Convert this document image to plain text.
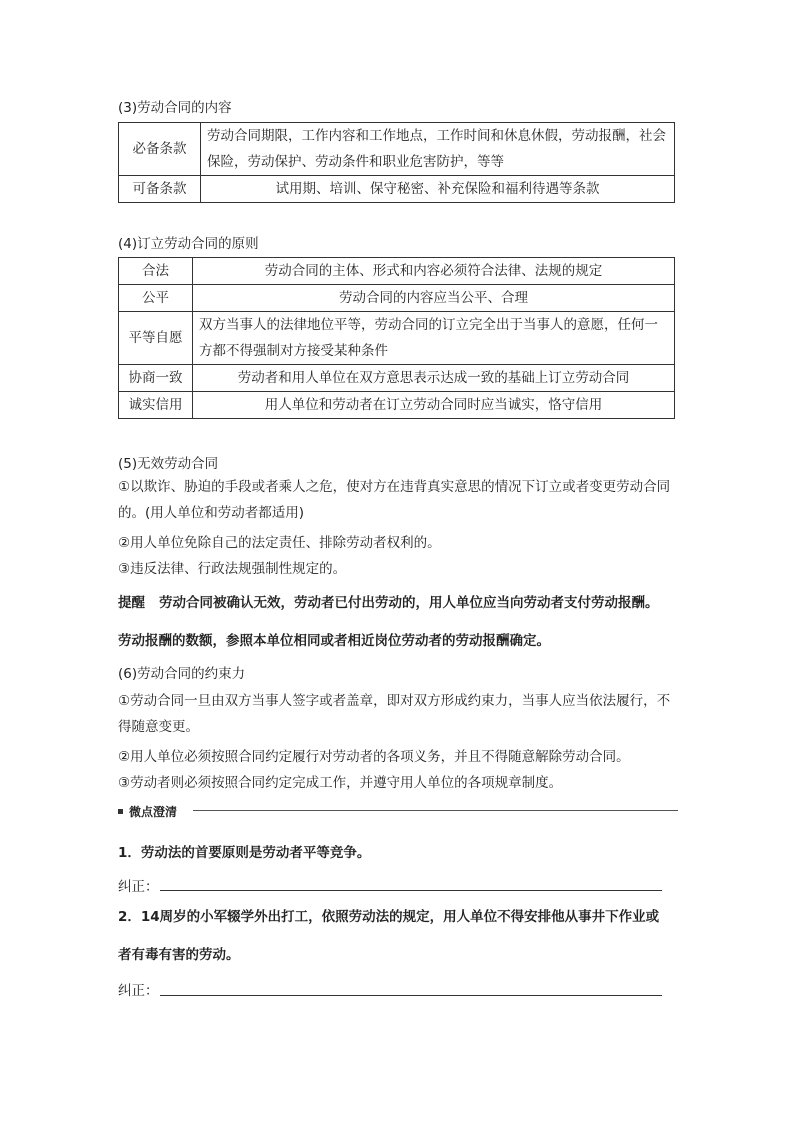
(3)劳动合同的内容
必备条款	劳动合同期限，工作内容和工作地点，工作时间和休息休假，劳动报酬，社会保险，劳动保护、劳动条件和职业危害防护，等等
可备条款	试用期、培训、保守秘密、补充保险和福利待遇等条款
(4)订立劳动合同的原则
合法	劳动合同的主体、形式和内容必须符合法律、法规的规定
公平	劳动合同的内容应当公平、合理
平等自愿	双方当事人的法律地位平等，劳动合同的订立完全出于当事人的意愿，任何一方都不得强制对方接受某种条件
协商一致	劳动者和用人单位在双方意思表示达成一致的基础上订立劳动合同
诚实信用	用人单位和劳动者在订立劳动合同时应当诚实，恪守信用
(5)无效劳动合同
①以欺诈、胁迫的手段或者乘人之危，使对方在违背真实意思的情况下订立或者变更劳动合同的。(用人单位和劳动者都适用)
②用人单位免除自己的法定责任、排除劳动者权利的。
③违反法律、行政法规强制性规定的。
提醒 劳动合同被确认无效，劳动者已付出劳动的，用人单位应当向劳动者支付劳动报酬。
劳动报酬的数额，参照本单位相同或者相近岗位劳动者的劳动报酬确定。
(6)劳动合同的约束力
①劳动合同一旦由双方当事人签字或者盖章，即对双方形成约束力，当事人应当依法履行，不得随意变更。
②用人单位必须按照合同约定履行对劳动者的各项义务，并且不得随意解除劳动合同。
③劳动者则必须按照合同约定完成工作，并遵守用人单位的各项规章制度。
微点澄清
1．劳动法的首要原则是劳动者平等竞争。
纠正：
2．14周岁的小军辍学外出打工，依照劳动法的规定，用人单位不得安排他从事井下作业或
者有毒有害的劳动。
纠正：
